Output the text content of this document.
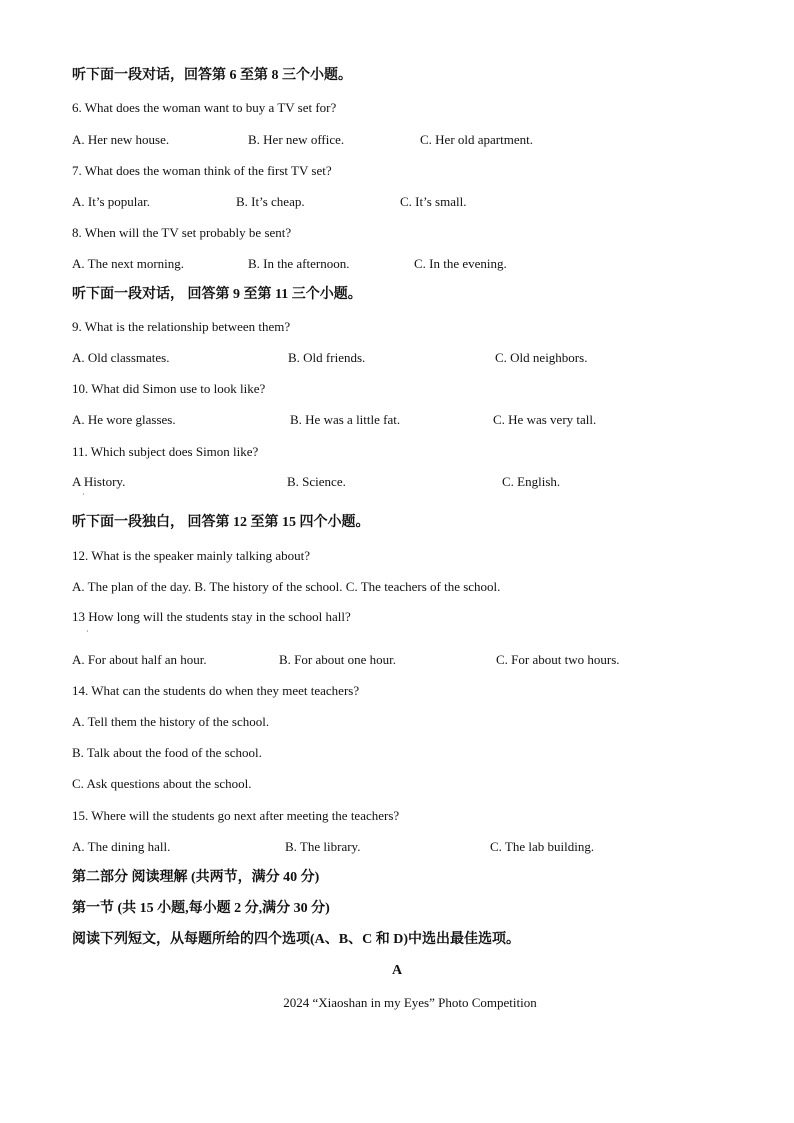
听下面一段对话，回答第 6 至第 8 三个小题。
6. What does the woman want to buy a TV set for?
A. Her new house.	B. Her new office.	C. Her old apartment.
7. What does the woman think of the first TV set?
A. It’s popular.	B. It’s cheap.	C. It’s small.
8. When will the TV set probably be sent?
A. The next morning.	B. In the afternoon.	C. In the evening.
听下面一段对话， 回答第 9 至第 11 三个小题。
9. What is the relationship between them?
A. Old classmates.	B. Old friends.	C. Old neighbors.
10. What did Simon use to look like?
A. He wore glasses.	B. He was a little fat.	C. He was very tall.
11. Which subject does Simon like?
A History.
·
B. Science.	C. English.
听下面一段独白， 回答第 12 至第 15 四个小题。
12. What is the speaker mainly talking about?
A. The plan of the day. B. The history of the school. C. The teachers of the school.
13 How long will the students stay in the school hall?
·
A. For about half an hour.	B. For about one hour.	C. For about two hours.
14. What can the students do when they meet teachers?
A. Tell them the history of the school.
B. Talk about the food of the school.
C. Ask questions about the school.
15. Where will the students go next after meeting the teachers?
A. The dining hall.	B. The library.	C. The lab building.
第二部分 阅读理解 (共两节，满分 40 分)
第一节 (共 15 小题,每小题 2 分,满分 30 分)
阅读下列短文，从每题所给的四个选项(A、B、C 和 D)中选出最佳选项。
A
2024 “Xiaoshan in my Eyes” Photo Competition
